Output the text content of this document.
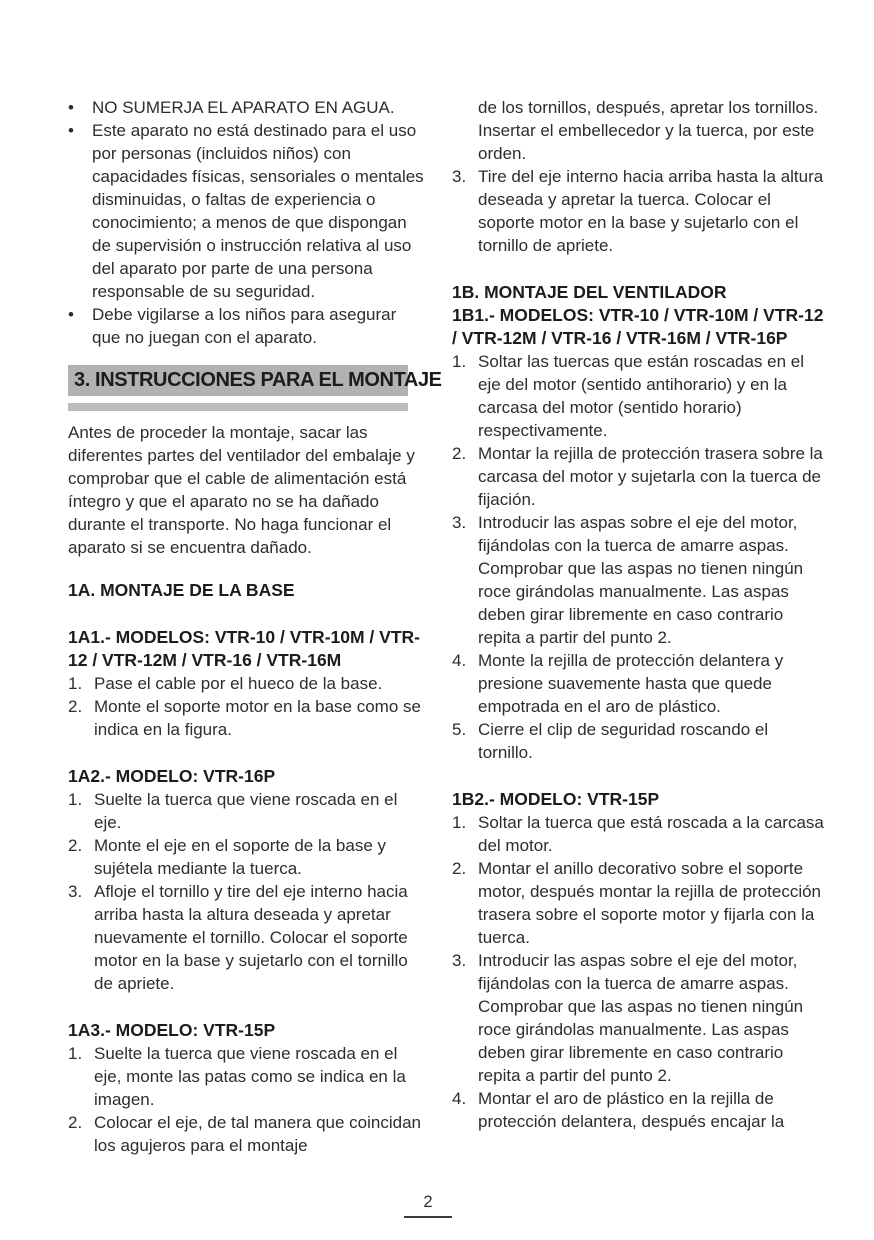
•	NO SUMERJA EL APARATO EN AGUA.
•	Este aparato no está destinado para el uso por personas (incluidos niños) con capacidades físicas, sensoriales o mentales disminuidas, o faltas de experiencia o conocimiento; a menos de que dispongan de supervisión o instrucción relativa al uso del aparato por parte de una persona responsable de su seguridad.
•	Debe vigilarse a los niños para asegurar que no juegan con el aparato.
3. INSTRUCCIONES PARA EL MONTAJE

Antes de proceder la montaje, sacar las diferentes partes del ventilador del embalaje y comprobar que el cable de alimentación está íntegro y que el aparato no se ha dañado durante el transporte. No haga funcionar el aparato si se encuentra dañado.

1A. MONTAJE DE LA BASE
1A1.- MODELOS: VTR-10 / VTR-10M / VTR-12 / VTR-12M / VTR-16 / VTR-16M
1. Pase el cable por el hueco de la base.
2. Monte el soporte motor en la base como se indica en la figura.
1A2.- MODELO: VTR-16P
1. Suelte la tuerca que viene roscada en el eje.
2. Monte el eje en el soporte de la base y sujétela mediante la tuerca.
3. Afloje el tornillo y tire del eje interno hacia arriba hasta la altura deseada y apretar nuevamente el tornillo. Colocar el soporte motor en la base y sujetarlo con el tornillo de apriete.
1A3.- MODELO: VTR-15P
1. Suelte la tuerca que viene roscada en el eje, monte las patas como se indica en la imagen.
2. Colocar el eje, de tal manera que coincidan los agujeros para el montaje
de los tornillos, después, apretar los tornillos. Insertar el embellecedor y la tuerca, por este orden.
3. Tire del eje interno hacia arriba hasta la altura deseada y apretar la tuerca. Colocar el soporte motor en la base y sujetarlo con el tornillo de apriete.
1B. MONTAJE DEL VENTILADOR
1B1.- MODELOS: VTR-10 / VTR-10M / VTR-12 / VTR-12M / VTR-16 / VTR-16M / VTR-16P
1. Soltar las tuercas que están roscadas en el eje del motor (sentido antihorario) y en la carcasa del motor (sentido horario) respectivamente.
2. Montar la rejilla de protección trasera sobre la carcasa del motor y sujetarla con la tuerca de fijación.
3. Introducir las aspas sobre el eje del motor, fijándolas con la tuerca de amarre aspas. Comprobar que las aspas no tienen ningún roce girándolas manualmente. Las aspas deben girar libremente en caso contrario repita a partir del punto 2.
4. Monte la rejilla de protección delantera y presione suavemente hasta que quede empotrada en el aro de plástico.
5. Cierre el clip de seguridad roscando el tornillo.
1B2.- MODELO: VTR-15P
1. Soltar la tuerca que está roscada a la carcasa del motor.
2. Montar el anillo decorativo sobre el soporte motor, después montar la rejilla de protección trasera sobre el soporte motor y fijarla con la tuerca.
3. Introducir las aspas sobre el eje del motor, fijándolas con la tuerca de amarre aspas. Comprobar que las aspas no tienen ningún roce girándolas manualmente. Las aspas deben girar libremente en caso contrario repita a partir del punto 2.
4. Montar el aro de plástico en la rejilla de protección delantera, después encajar la
2
